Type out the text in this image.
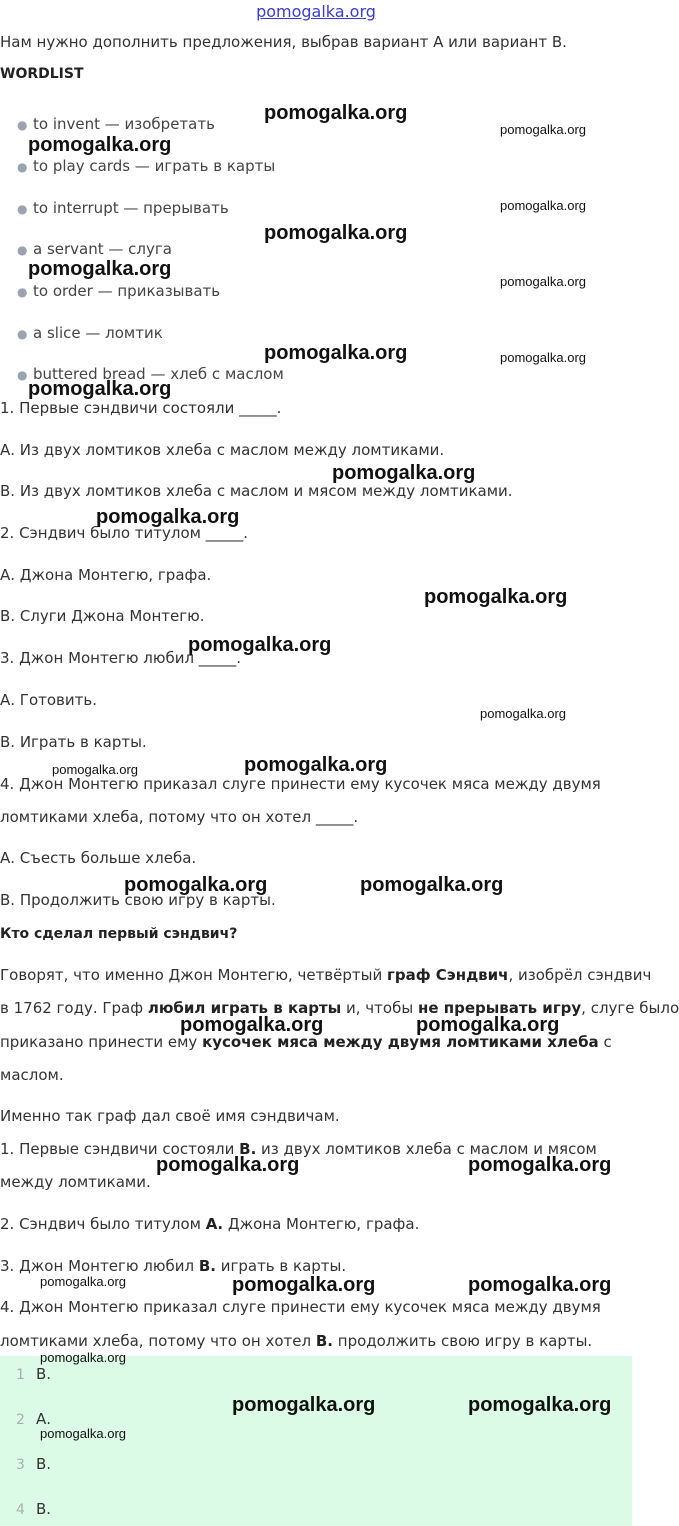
pomogalka.org
Нам нужно дополнить предложения, выбрав вариант A или вариант B.
WORDLIST
● to invent — изобретать
● to play cards — играть в карты
● to interrupt — прерывать
● a servant — слуга
● to order — приказывать
● a slice — ломтик
● buttered bread — хлеб с маслом
1. Первые сэндвичи состояли _____.
А. Из двух ломтиков хлеба с маслом между ломтиками.
B. Из двух ломтиков хлеба с маслом и мясом между ломтиками.
2. Сэндвич было титулом _____.
А. Джона Монтегю, графа.
B. Слуги Джона Монтегю.
3. Джон Монтегю любил _____.
А. Готовить.
B. Играть в карты.
4. Джон Монтегю приказал слуге принести ему кусочек мяса между двумя
ломтиками хлеба, потому что он хотел _____.
А. Съесть больше хлеба.
B. Продолжить свою игру в карты.
Кто сделал первый сэндвич?
Говорят, что именно Джон Монтегю, четвёртый граф Сэндвич, изобрёл сэндвич
в 1762 году. Граф любил играть в карты и, чтобы не прерывать игру, слуге было
приказано принести ему кусочек мяса между двумя ломтиками хлеба с
маслом.
Именно так граф дал своё имя сэндвичам.
1. Первые сэндвичи состояли B. из двух ломтиков хлеба с маслом и мясом
между ломтиками.
2. Сэндвич было титулом А. Джона Монтегю, графа.
3. Джон Монтегю любил B. играть в карты.
4. Джон Монтегю приказал слуге принести ему кусочек мяса между двумя
ломтиками хлеба, потому что он хотел B. продолжить свою игру в карты.
1 B.
2 А.
3 B.
4 B.
pomogalka.org
pomogalka.org
pomogalka.org
pomogalka.org
pomogalka.org
pomogalka.org
pomogalka.org
pomogalka.org	pomogalka.org
pomogalka.org
pomogalka.org
pomogalka.org
pomogalka.org
pomogalka.org
pomogalka.org
pomogalka.org
pomogalka.org
pomogalka.org	pomogalka.org
pomogalka.org	pomogalka.org
pomogalka.org	pomogalka.org
pomogalka.org	pomogalka.org	pomogalka.org
pomogalka.org
pomogalka.org	pomogalka.org
pomogalka.org
